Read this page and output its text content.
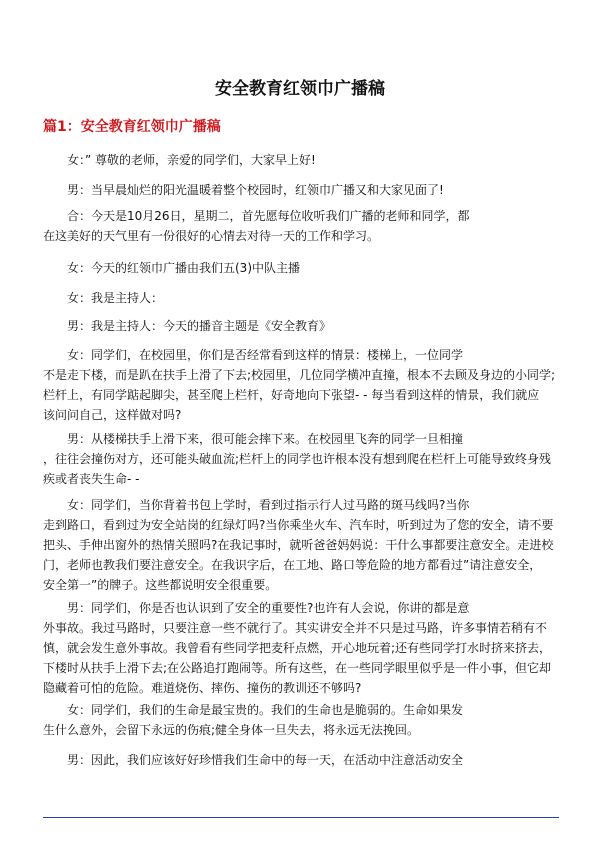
安全教育红领巾广播稿
篇1：安全教育红领巾广播稿

女：” 尊敬的老师，亲爱的同学们，大家早上好!

男：当早晨灿烂的阳光温暖着整个校园时，红领巾广播又和大家见面了!

合：今天是10月26日，星期二，首先愿每位收听我们广播的老师和同学，都
在这美好的天气里有一份很好的心情去对待一天的工作和学习。

女：今天的红领巾广播由我们五(3)中队主播

女：我是主持人：

男：我是主持人：今天的播音主题是《安全教育》

女：同学们，在校园里，你们是否经常看到这样的情景：楼梯上，一位同学
不是走下楼，而是趴在扶手上滑了下去;校园里，几位同学横冲直撞，根本不去顾及身边的小同学;
栏杆上，有同学踮起脚尖，甚至爬上栏杆，好奇地向下张望- - 每当看到这样的情景，我们就应
该问问自己，这样做对吗?

男：从楼梯扶手上滑下来，很可能会摔下来。在校园里飞奔的同学一旦相撞
，往往会撞伤对方，还可能头破血流;栏杆上的同学也许根本没有想到爬在栏杆上可能导致终身残
疾或者丧失生命- -

女：同学们，当你背着书包上学时，看到过指示行人过马路的斑马线吗?当你
走到路口，看到过为安全站岗的红绿灯吗?当你乘坐火车、汽车时，听到过为了您的安全，请不要
把头、手伸出窗外的热情关照吗?在我记事时，就听爸爸妈妈说：干什么事都要注意安全。走进校
门，老师也教我们要注意安全。在我识字后，在工地、路口等危险的地方都看过”请注意安全，
安全第一”的牌子。这些都说明安全很重要。

男：同学们，你是否也认识到了安全的重要性?也许有人会说，你讲的都是意
外事故。我过马路时，只要注意一些不就行了。其实讲安全并不只是过马路，许多事情若稍有不
慎，就会发生意外事故。我曾看有些同学把麦秆点燃，开心地玩着;还有些同学打水时挤来挤去，
下楼时从扶手上滑下去;在公路追打跑闹等。所有这些，在一些同学眼里似乎是一件小事，但它却
隐藏着可怕的危险。难道烧伤、摔伤、撞伤的教训还不够吗?

女：同学们，我们的生命是最宝贵的。我们的生命也是脆弱的。生命如果发
生什么意外，会留下永远的伤痕;健全身体一旦失去，将永远无法挽回。

男：因此，我们应该好好珍惜我们生命中的每一天，在活动中注意活动安全
